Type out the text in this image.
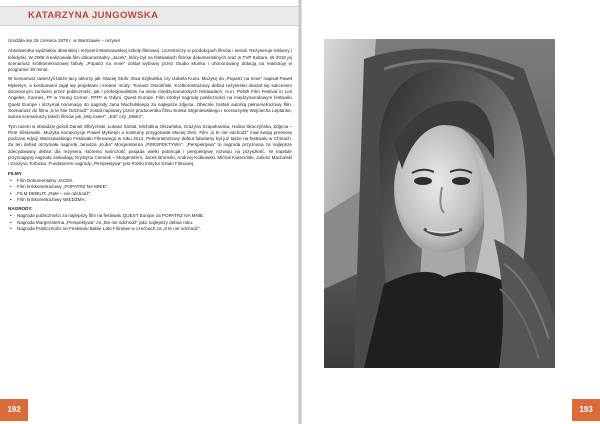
KATARZYNA JUNGOWSKA

Urodziła się 29 czerwca 1978 r. w Warszawie – reżyser

Absolwentka wydziałów aktorskiej i reżyserii Warszawskiej szkoły filmowej. Uczestniczy w produkcjach filmów i seriali. Reżyseruje reklamy i teledyski. W 2008 zrealizowała film dokumentalny „Jacek”, który był na festiwalach filmów dokumentalnych oraz w TVP Kultura. W 2010 jej scenariusz krótkometrażowej fabuły „Popatrz na mnie” został wybrany przez Studio Munka i uhonorowany dotacją na realizację w programie 30 minut.

W scenariusz uwierzyli także tacy aktorzy jak: Maciej Stuhr, Ewa Szykulska czy Izabela Kuna. Muzykę do „Popatrz na mnie” napisał Paweł Mykietyn, a kostiumami zajął się projektant i kreator mody: Tomasz Ossoliński. Krótkometrażowy debiut reżyserski okazał się sukcesem docenionym zarówno przez publiczność, jak i profesjonalistów na wielu międzynarodowych festiwalach, m.in. Polish Film Festival in Los Angeles, Cannes, FF w Young Corner, FPFF w Gdyni, Quest Europe. Film zdobył nagrodę publiczności na międzynarodowym festiwalu Quest Europe i otrzymał nominację do nagrody Jana Machulskiego za najlepsze zdjęcia. Obecnie zostań autorką pełnometrażowy film. Scenariusz do filmu „5 te Nie Odchodź” został napisany przez producentka filmu Eneka Stępniewskiego i scenarzystę Wojciecha Leplanke, autora scenariuszy takich filmów jak „Mój rower”, „Edi” czy „Mistrz”.

Tym razem w obsadzie gościł Daniel Olbrychski, Łukasz Simlat, Michalina Olszańska, Grażyna Szapołowska, Halina Skoczyńska, Zdjęcia – Piotr Śliskowski. Muzyka kompozycje Paweł Mykietyn a kostiumy przygotował Maciej Zień. Film „5 te nie odchodź” miał swoją premierę podczas edycji Warszawskiego Festiwalu Filmowego w roku 2014. Pełnometrażowy debiut fabularny był już także na festiwalu w Chinach. Za ten debiut otrzymała nagrodę Janusza „Kuba” Morgensterna „PERSPEKTYWA”. „Perspektywa” to nagroda przyznana za najlepsze zdecydowany debiut dla reżysera, któremu twórczość pasjada wielki potencjał i perspektywę rozwoju na przyszłość. W kapitule przyznającej nagrodę zasiadają: Krystyna Ciemiak – Morgenstern, Jacek Bromski, Andrzej Kotkowski, Michał Kwieciński, Juliusz Machulski i Grażyna Torbicka. Fundatorem nagrody „Perspektywa” jest Polski Instytut Sztuki Filmowej.

FILMY
• Film Dokumentalny JACEK.
• Film krótkometrażowy „POPATRZ NA MNIE”.
• FILM DEBIUT: „Ręte – nie odchodź”.
• Film krótkometrażowy WIEDŹMA.
NAGRODY:
• Nagroda publiczności za najlepszy film na festiwalu QUEST Europe za POPATRZ NA MNIE.
• Nagroda Morgensterna „Perspektywa” za „5te nie odchodź” jako najlepszy debiut roku.
• Nagroda Publiczności na Festiwalu Babie Lato Filmowe w czechach za „5 te nie odchodź”.
192	193
